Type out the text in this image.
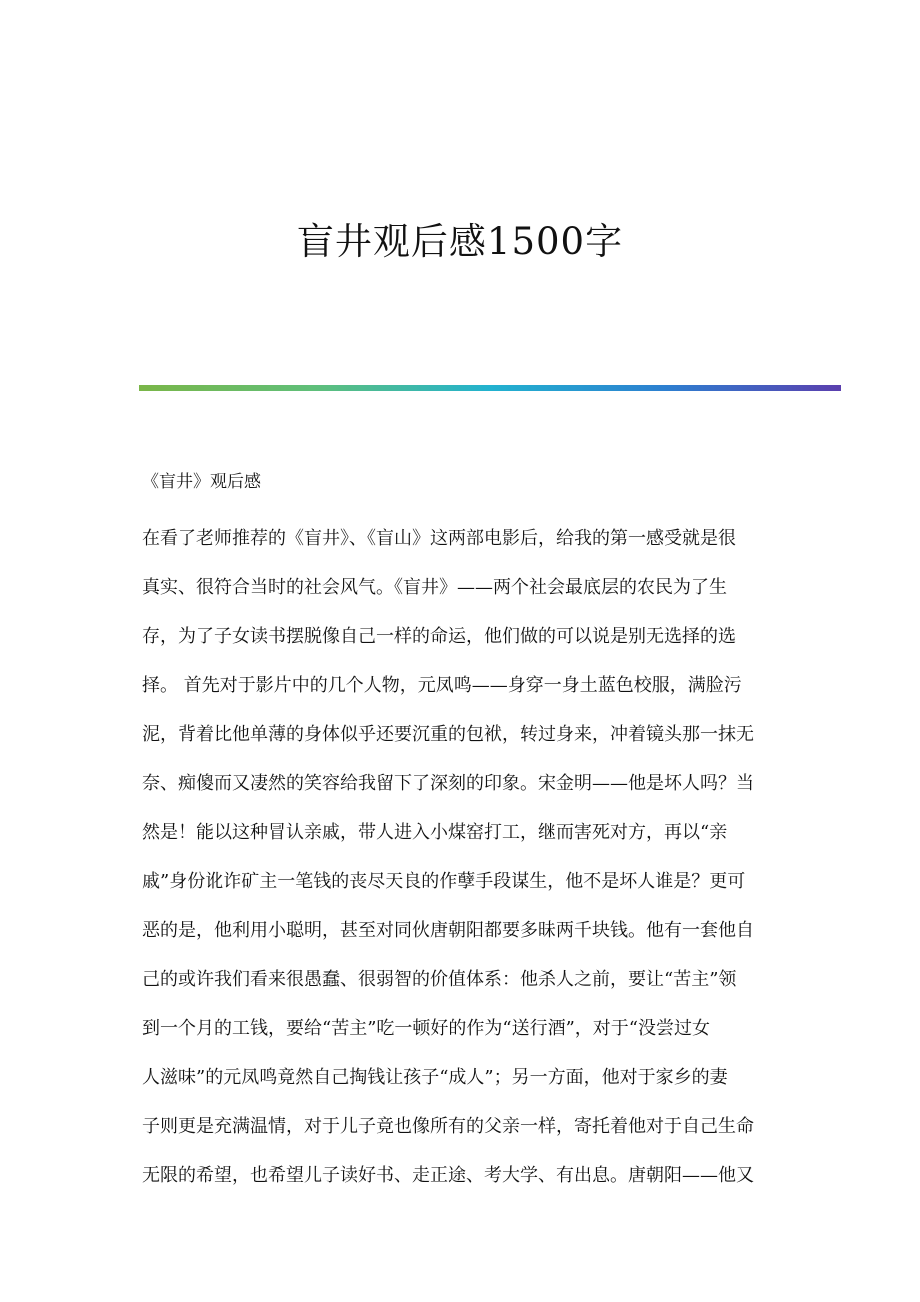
盲井观后感1500字

《盲井》观后感

在看了老师推荐的《盲井》、《盲山》这两部电影后，给我的第一感受就是很
真实、很符合当时的社会风气。《盲井》——两个社会最底层的农民为了生
存，为了子女读书摆脱像自己一样的命运，他们做的可以说是别无选择的选
择。 首先对于影片中的几个人物，元凤鸣——身穿一身土蓝色校服，满脸污
泥，背着比他单薄的身体似乎还要沉重的包袱，转过身来，冲着镜头那一抹无
奈、痴傻而又凄然的笑容给我留下了深刻的印象。宋金明——他是坏人吗？当
然是！能以这种冒认亲戚，带人进入小煤窑打工，继而害死对方，再以“亲
戚”身份讹诈矿主一笔钱的丧尽天良的作孽手段谋生，他不是坏人谁是？更可
恶的是，他利用小聪明，甚至对同伙唐朝阳都要多昧两千块钱。他有一套他自
己的或许我们看来很愚蠢、很弱智的价值体系：他杀人之前，要让“苦主”领
到一个月的工钱，要给“苦主”吃一顿好的作为“送行酒”，对于“没尝过女
人滋味”的元凤鸣竟然自己掏钱让孩子“成人”；另一方面，他对于家乡的妻
子则更是充满温情，对于儿子竟也像所有的父亲一样，寄托着他对于自己生命
无限的希望，也希望儿子读好书、走正途、考大学、有出息。唐朝阳——他又
